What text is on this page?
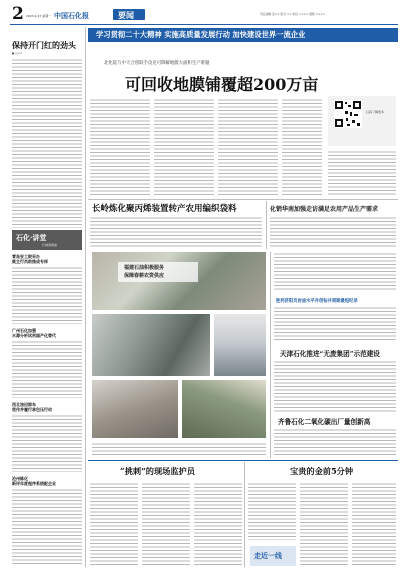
2 2023.2.27 星期一 中国石化报	要闻	责任编辑 张×× 版式 ×× 电话 ×××× 邮箱 ××××
保持开门红的劲头
■ 吕××
石化·讲堂
长城润滑油
青岛安工院采办
既主行员助推成专样
广州石化加强
水源分析试剂国产化替代
西北油田卸车
底作并履行承包压行动
沧州炼化
新评年度程序系统配企业
学习贯彻二十大精神 实施高质量发展行动 加快建设世界一流企业
北化院与中天合创联手攻克可降解地膜大面积生产难题
可回收地膜铺覆超200万亩
扫码了解更多
长岭炼化聚丙烯装置转产农用编织袋料	化销华南加强走访满足农用产品生产需求
福建石油积极服务
保障春耕农资供应
胜利济阳页岩油水平井创钻井周期最短纪录
天津石化推进“无废集团”示范建设
齐鲁石化二氧化碳出厂量创新高
“挑刺”的现场监护员	宝贵的金前5分钟
走近一线
